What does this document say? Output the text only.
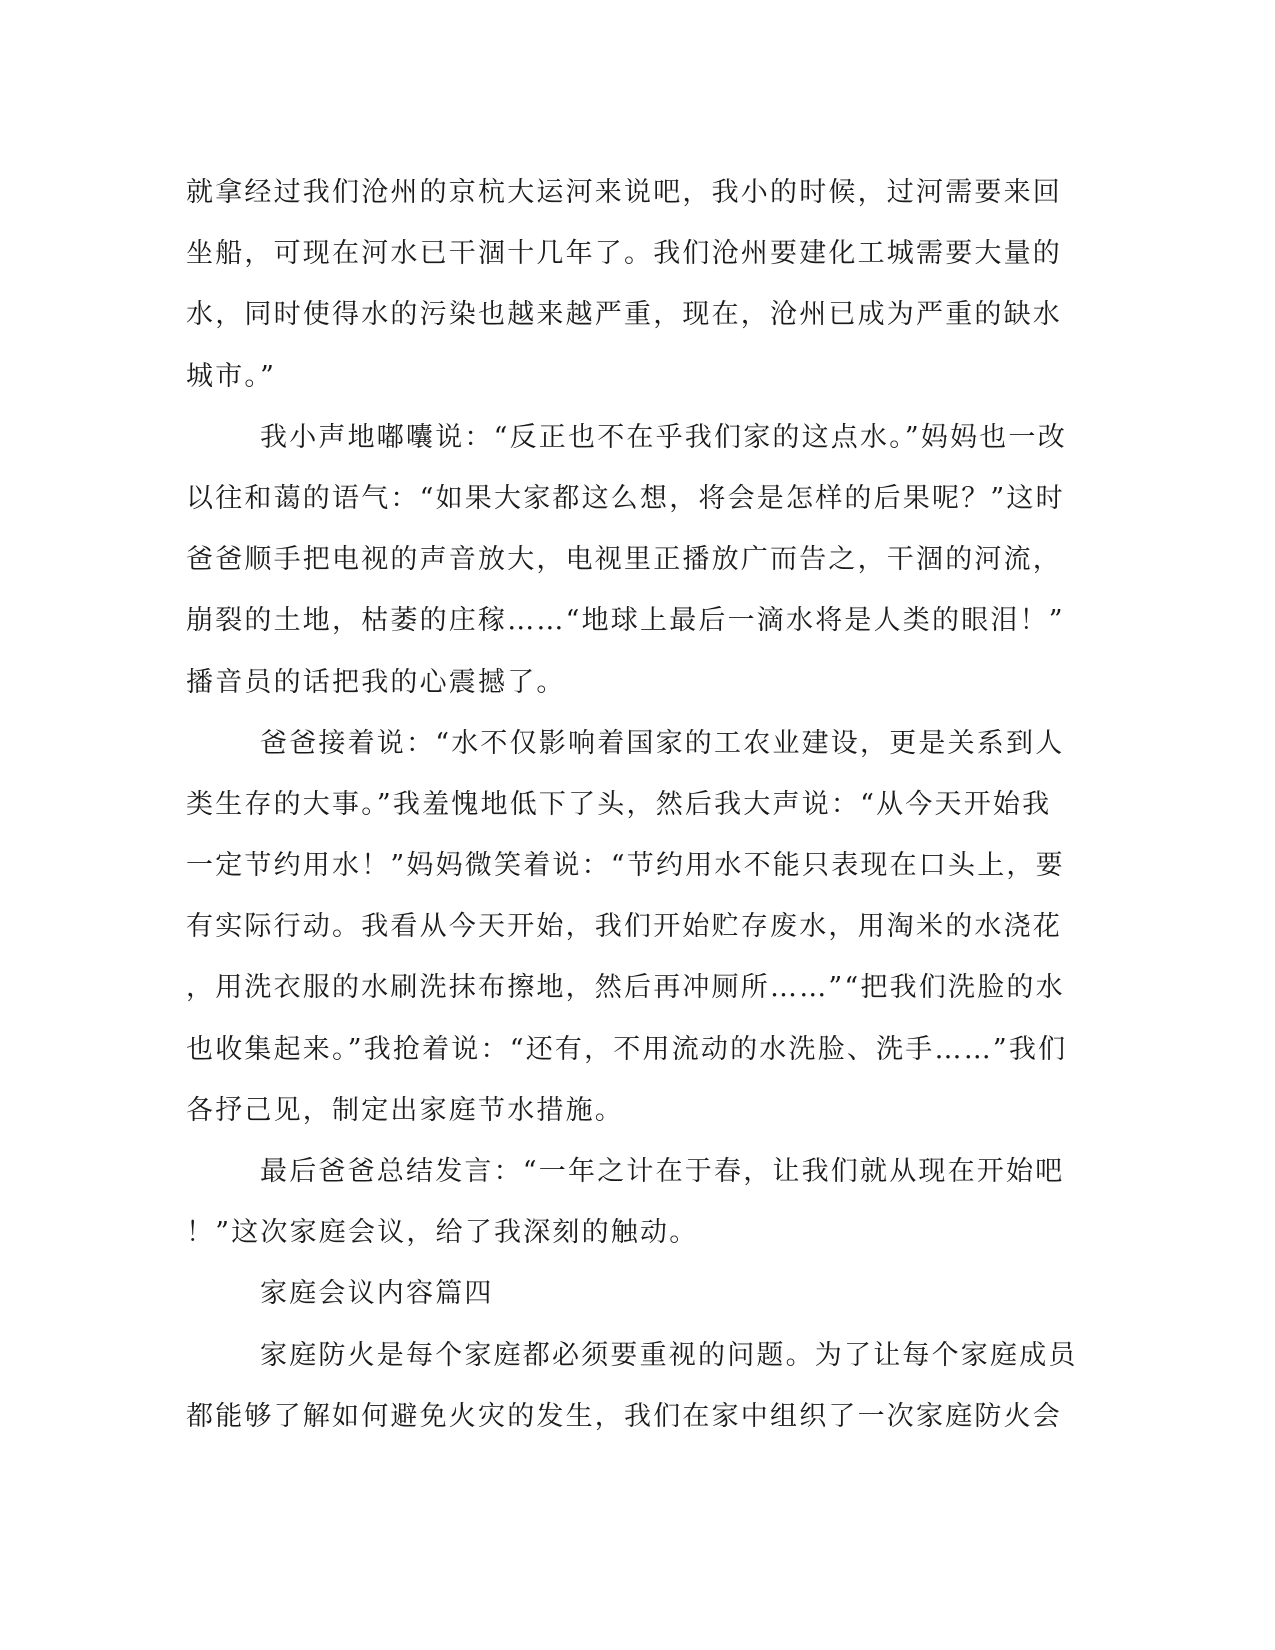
就拿经过我们沧州的京杭大运河来说吧，我小的时候，过河需要来回
坐船，可现在河水已干涸十几年了。我们沧州要建化工城需要大量的
水，同时使得水的污染也越来越严重，现在，沧州已成为严重的缺水
城市。”
我小声地嘟囔说：“反正也不在乎我们家的这点水。”妈妈也一改
以往和蔼的语气：“如果大家都这么想，将会是怎样的后果呢？”这时
爸爸顺手把电视的声音放大，电视里正播放广而告之，干涸的河流，
崩裂的土地，枯萎的庄稼……“地球上最后一滴水将是人类的眼泪！”
播音员的话把我的心震撼了。
爸爸接着说：“水不仅影响着国家的工农业建设，更是关系到人
类生存的大事。”我羞愧地低下了头，然后我大声说：“从今天开始我
一定节约用水！”妈妈微笑着说：“节约用水不能只表现在口头上，要
有实际行动。我看从今天开始，我们开始贮存废水，用淘米的水浇花
，用洗衣服的水刷洗抹布擦地，然后再冲厕所……”“把我们洗脸的水
也收集起来。”我抢着说：“还有，不用流动的水洗脸、洗手……”我们
各抒己见，制定出家庭节水措施。
最后爸爸总结发言：“一年之计在于春，让我们就从现在开始吧
！”这次家庭会议，给了我深刻的触动。
家庭会议内容篇四
家庭防火是每个家庭都必须要重视的问题。为了让每个家庭成员
都能够了解如何避免火灾的发生，我们在家中组织了一次家庭防火会
